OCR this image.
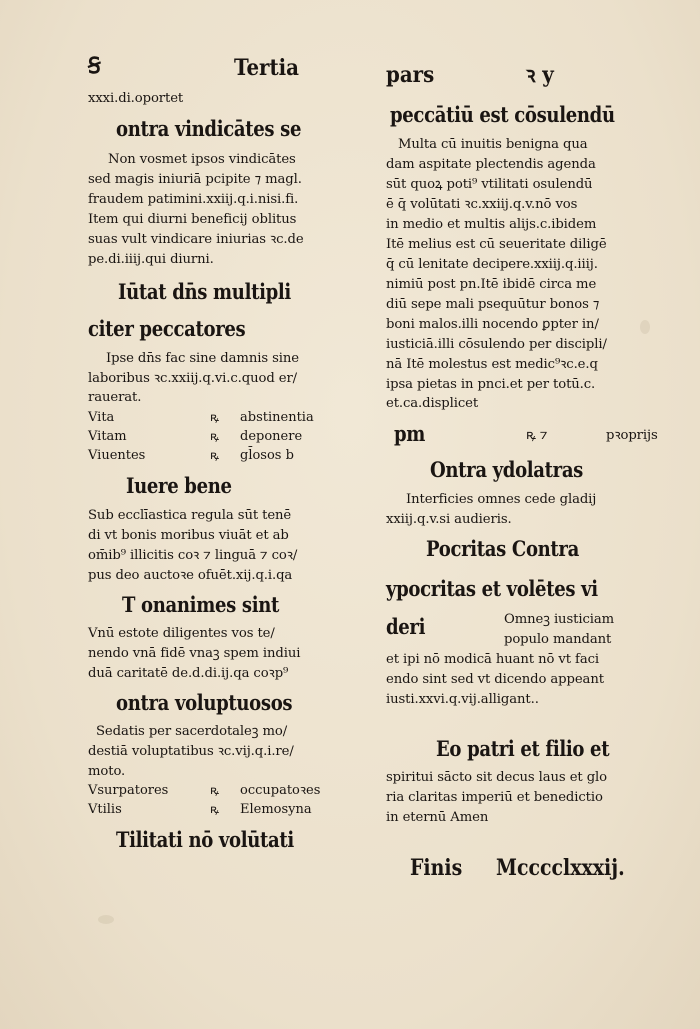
Ꞩ	Tertia
xxxi.di.oportet
ontra vindicātes se
Non vosmet ipsos vindicātes
sed magis iniuriā pcipite ⁊ magl.
fraudem patimini.xxiij.q.i.nisi.fi.
Item qui diurni beneficij oblitus
suas vult vindicare iniurias ꝛc.de
pe.di.iiij.qui diurni.
Iūtat dn̄s multipli
citer peccatores
Ipse dn̄s fac sine damnis sine
laboribus ꝛc.xxiij.q.vi.c.quod er/
rauerat.
Vita	ꝶ abstinentia
Vitam	ꝶ deponere
Viuentes	ꝶ gl̄osos b
Iuere bene
Sub ecclīastica regula sūt tenē
di vt bonis moribus viuāt et ab
om̄ib⁹ illicitis coꝛ ⁊ linguā ⁊ coꝛ/
pus deo auctoꝛe ofuēt.xij.q.i.qa
T onanimes sint
Vnū estote diligentes vos te/
nendo vnā fidē vnaꝫ spem indiui
duā caritatē de.d.di.ij.qa coꝛp⁹
ontra voluptuosos
Sedatis per sacerdotaleꝫ mo/
destiā voluptatibus ꝛc.vij.q.i.re/
moto.
Vsurpatores	ꝶ occupatoꝛes
Vtilis	ꝶ Elemosyna
Tilitati nō volūtati
pars	ꝛ y
peccātiū est cōsulendū
Multa cū inuitis benigna qua
dam aspitate plectendis agenda
sūt quoꝝ poti⁹ vtilitati osulendū
ē q̄ volūtati ꝛc.xxiij.q.v.nō vos
in medio et multis alijs.c.ibidem
Itē melius est cū seueritate diligē
q̄ cū lenitate decipere.xxiij.q.iiij.
nimiū post pn.Itē ibidē circa me
diū sepe mali psequūtur bonos ⁊
boni malos.illi nocendo ꝑpter in/
iusticiā.illi cōsulendo per discipli/
nā Itē molestus est medic⁹ꝛc.e.q
ipsa pietas in pnci.et per totū.c.
et.ca.displicet
pm	ꝶ ⁊	pꝛoprijs
Ontra ydolatras
Interficies omnes cede gladij
xxiij.q.v.si audieris.
Pocritas Contra
ypocritas et volētes vi
deri	Omneꝫ iusticiam
populo mandant
et ipi nō modicā huant nō vt faci
endo sint sed vt dicendo appeant
iusti.xxvi.q.vij.alligant..
Eo patri et filio et
spiritui sācto sit decus laus et glo
ria claritas imperiū et benedictio
in eternū Amen
Finis Mcccclxxxij.
